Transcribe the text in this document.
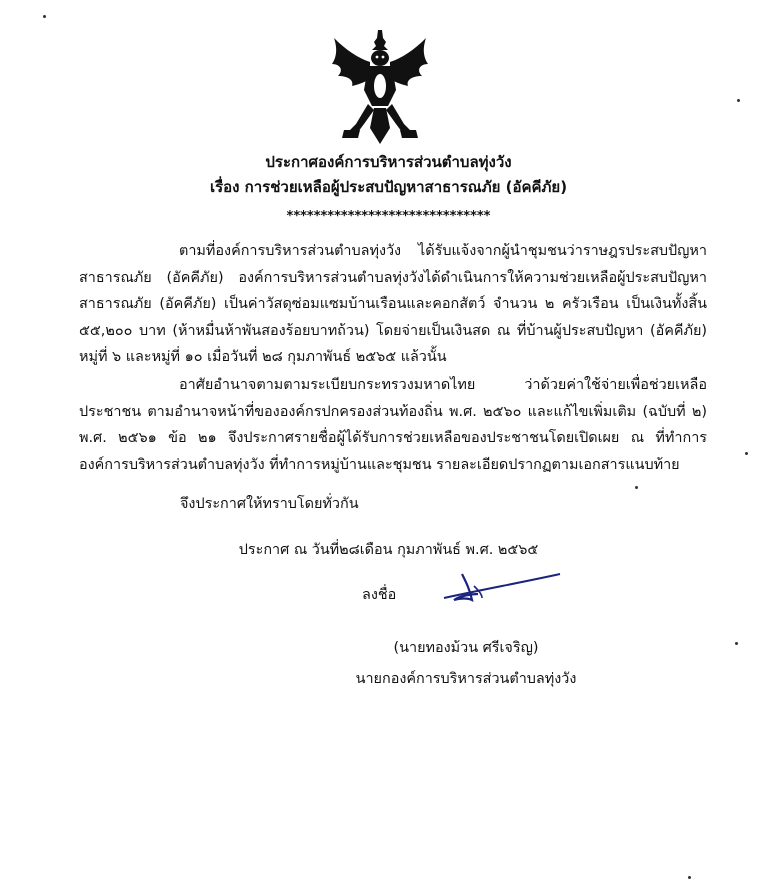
ประกาศองค์การบริหารส่วนตำบลทุ่งวัง
เรื่อง การช่วยเหลือผู้ประสบปัญหาสาธารณภัย (อัคคีภัย)
******************************
ตามที่องค์การบริหารส่วนตำบลทุ่งวัง ได้รับแจ้งจากผู้นำชุมชนว่าราษฎรประสบปัญหาสาธารณภัย (อัคคีภัย) องค์การบริหารส่วนตำบลทุ่งวังได้ดำเนินการให้ความช่วยเหลือผู้ประสบปัญหาสาธารณภัย (อัคคีภัย) เป็นค่าวัสดุซ่อมแซมบ้านเรือนและคอกสัตว์ จำนวน ๒ ครัวเรือน เป็นเงินทั้งสิ้น ๕๕,๒๐๐ บาท (ห้าหมื่นห้าพันสองร้อยบาทถ้วน) โดยจ่ายเป็นเงินสด ณ ที่บ้านผู้ประสบปัญหา (อัคคีภัย) หมู่ที่ ๖ และหมู่ที่ ๑๐ เมื่อวันที่ ๒๘ กุมภาพันธ์ ๒๕๖๕ แล้วนั้น
อาศัยอำนาจตามตามระเบียบกระทรวงมหาดไทย ว่าด้วยค่าใช้จ่ายเพื่อช่วยเหลือประชาชน ตามอำนาจหน้าที่ขององค์กรปกครองส่วนท้องถิ่น พ.ศ. ๒๕๖๐ และแก้ไขเพิ่มเติม (ฉบับที่ ๒) พ.ศ. ๒๕๖๑ ข้อ ๒๑ จึงประกาศรายชื่อผู้ได้รับการช่วยเหลือของประชาชนโดยเปิดเผย ณ ที่ทำการองค์การบริหารส่วนตำบลทุ่งวัง ที่ทำการหมู่บ้านและชุมชน รายละเอียดปรากฏตามเอกสารแนบท้าย
จึงประกาศให้ทราบโดยทั่วกัน
ประกาศ ณ วันที่๒๘เดือน กุมภาพันธ์ พ.ศ. ๒๕๖๕
ลงชื่อ
(นายทองม้วน ศรีเจริญ)
นายกองค์การบริหารส่วนตำบลทุ่งวัง
